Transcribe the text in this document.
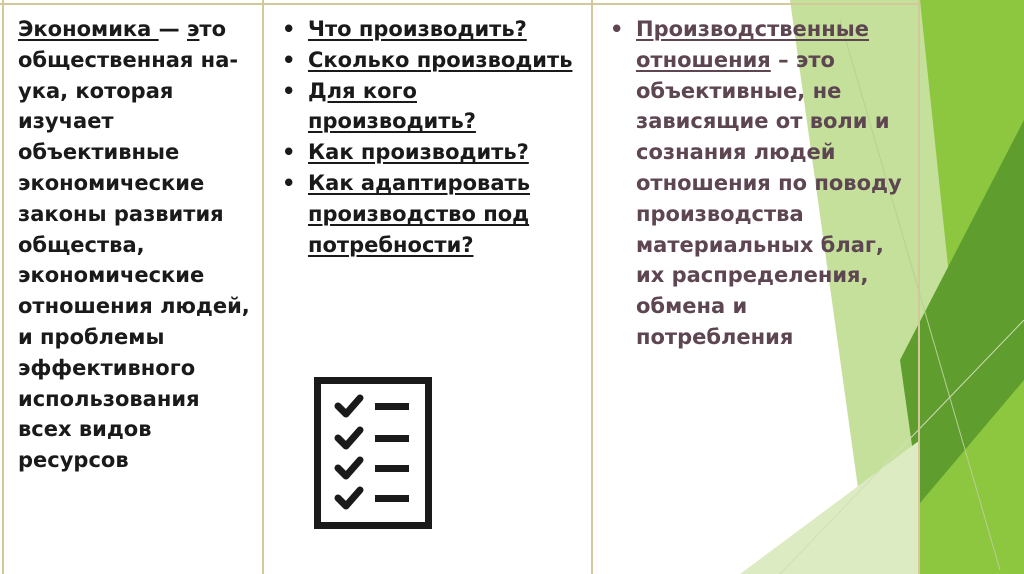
Экономика — это общественная на-ука, которая изучает объективные экономические законы развития общества, экономические отношения людей, и проблемы эффективного использования всех видов ресурсов
• Что производить?
• Сколько производить
• Для кого производить?
• Как производить?
• Как адаптировать производство под потребности?
• Производственные отношения – это объективные, не зависящие от воли и сознания людей отношения по поводу производства материальных благ, их распределения, обмена и потребления
